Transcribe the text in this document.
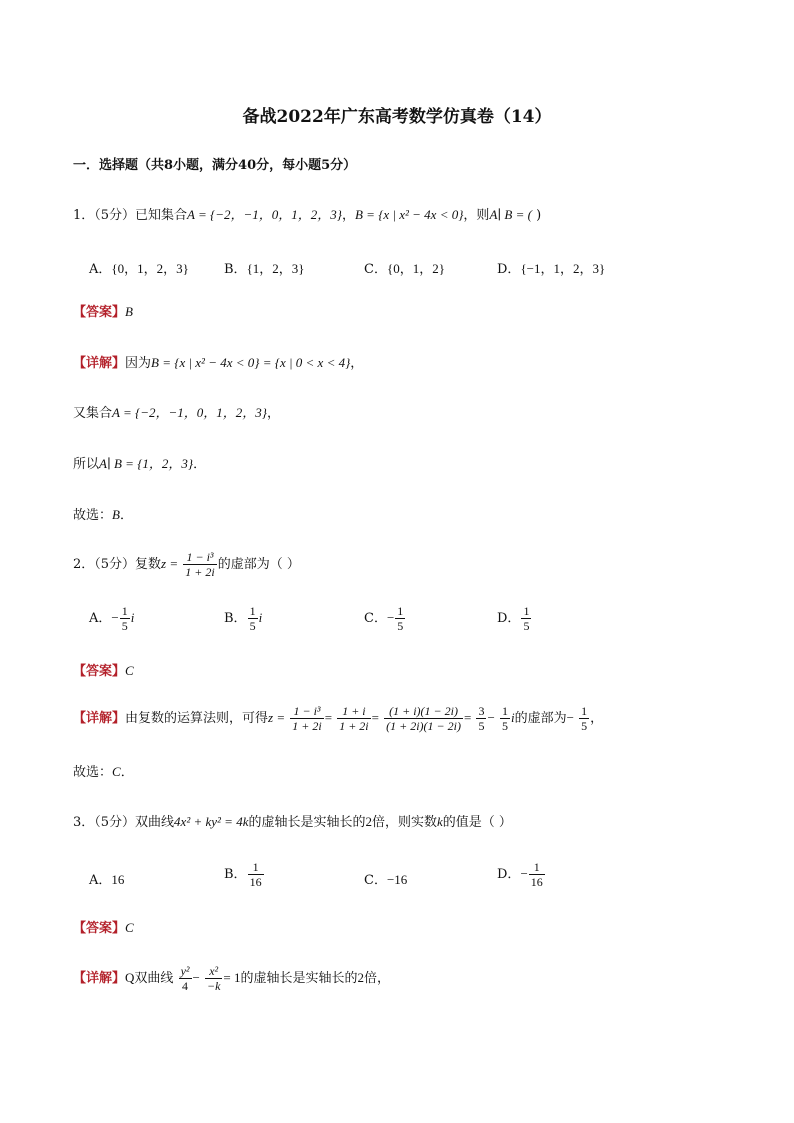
备战2022年广东高考数学仿真卷（14）
一．选择题（共8小题，满分40分，每小题5分）
1．（5分）已知集合A = {−2，−1，0，1，2，3}，B = {x | x² − 4x < 0}，则A∣ B = ( )
A．{0，1，2，3}	B．{1，2，3}	C．{0，1，2}	D．{−1，1，2，3}
【答案】B
【详解】因为B = {x | x² − 4x < 0} = {x | 0 < x < 4}，
又集合A = {−2，−1，0，1，2，3}，
所以A∣ B = {1，2，3}．
故选：B．
2．（5分）复数$z = \frac{\text{1 − i³}}{1 + 2i}$ 的虚部为（ ）
A．− $\frac{1}{5}$ i	B． $\frac{1}{5}$ i	C．− $\frac{1}{5}$	D． $\frac{1}{5}$
【答案】C
【详解】由复数的运算法则，可得$z = \frac{\text{1 − i³}}{1 + 2i} = \frac{1 + i}{1 + 2i} = \frac{(1 + i)(1 - 2i)}{(1 + 2i)(1 - 2i)} = \frac{3}{5} - \frac{1}{5}$ i的虚部为− $\frac{1}{5}$ ，
故选：C．
3．（5分）双曲线4x² + ky² = 4k的虚轴长是实轴长的2倍，则实数k的值是（ ）
A．16	B． $\frac{1}{16}$	C．−16	D．− $\frac{1}{16}$
【答案】C
【详解】Q双曲线 $\frac{\text{y²}}{4} - \frac{\text{x²}}{-k} = 1$的虚轴长是实轴长的2倍，
